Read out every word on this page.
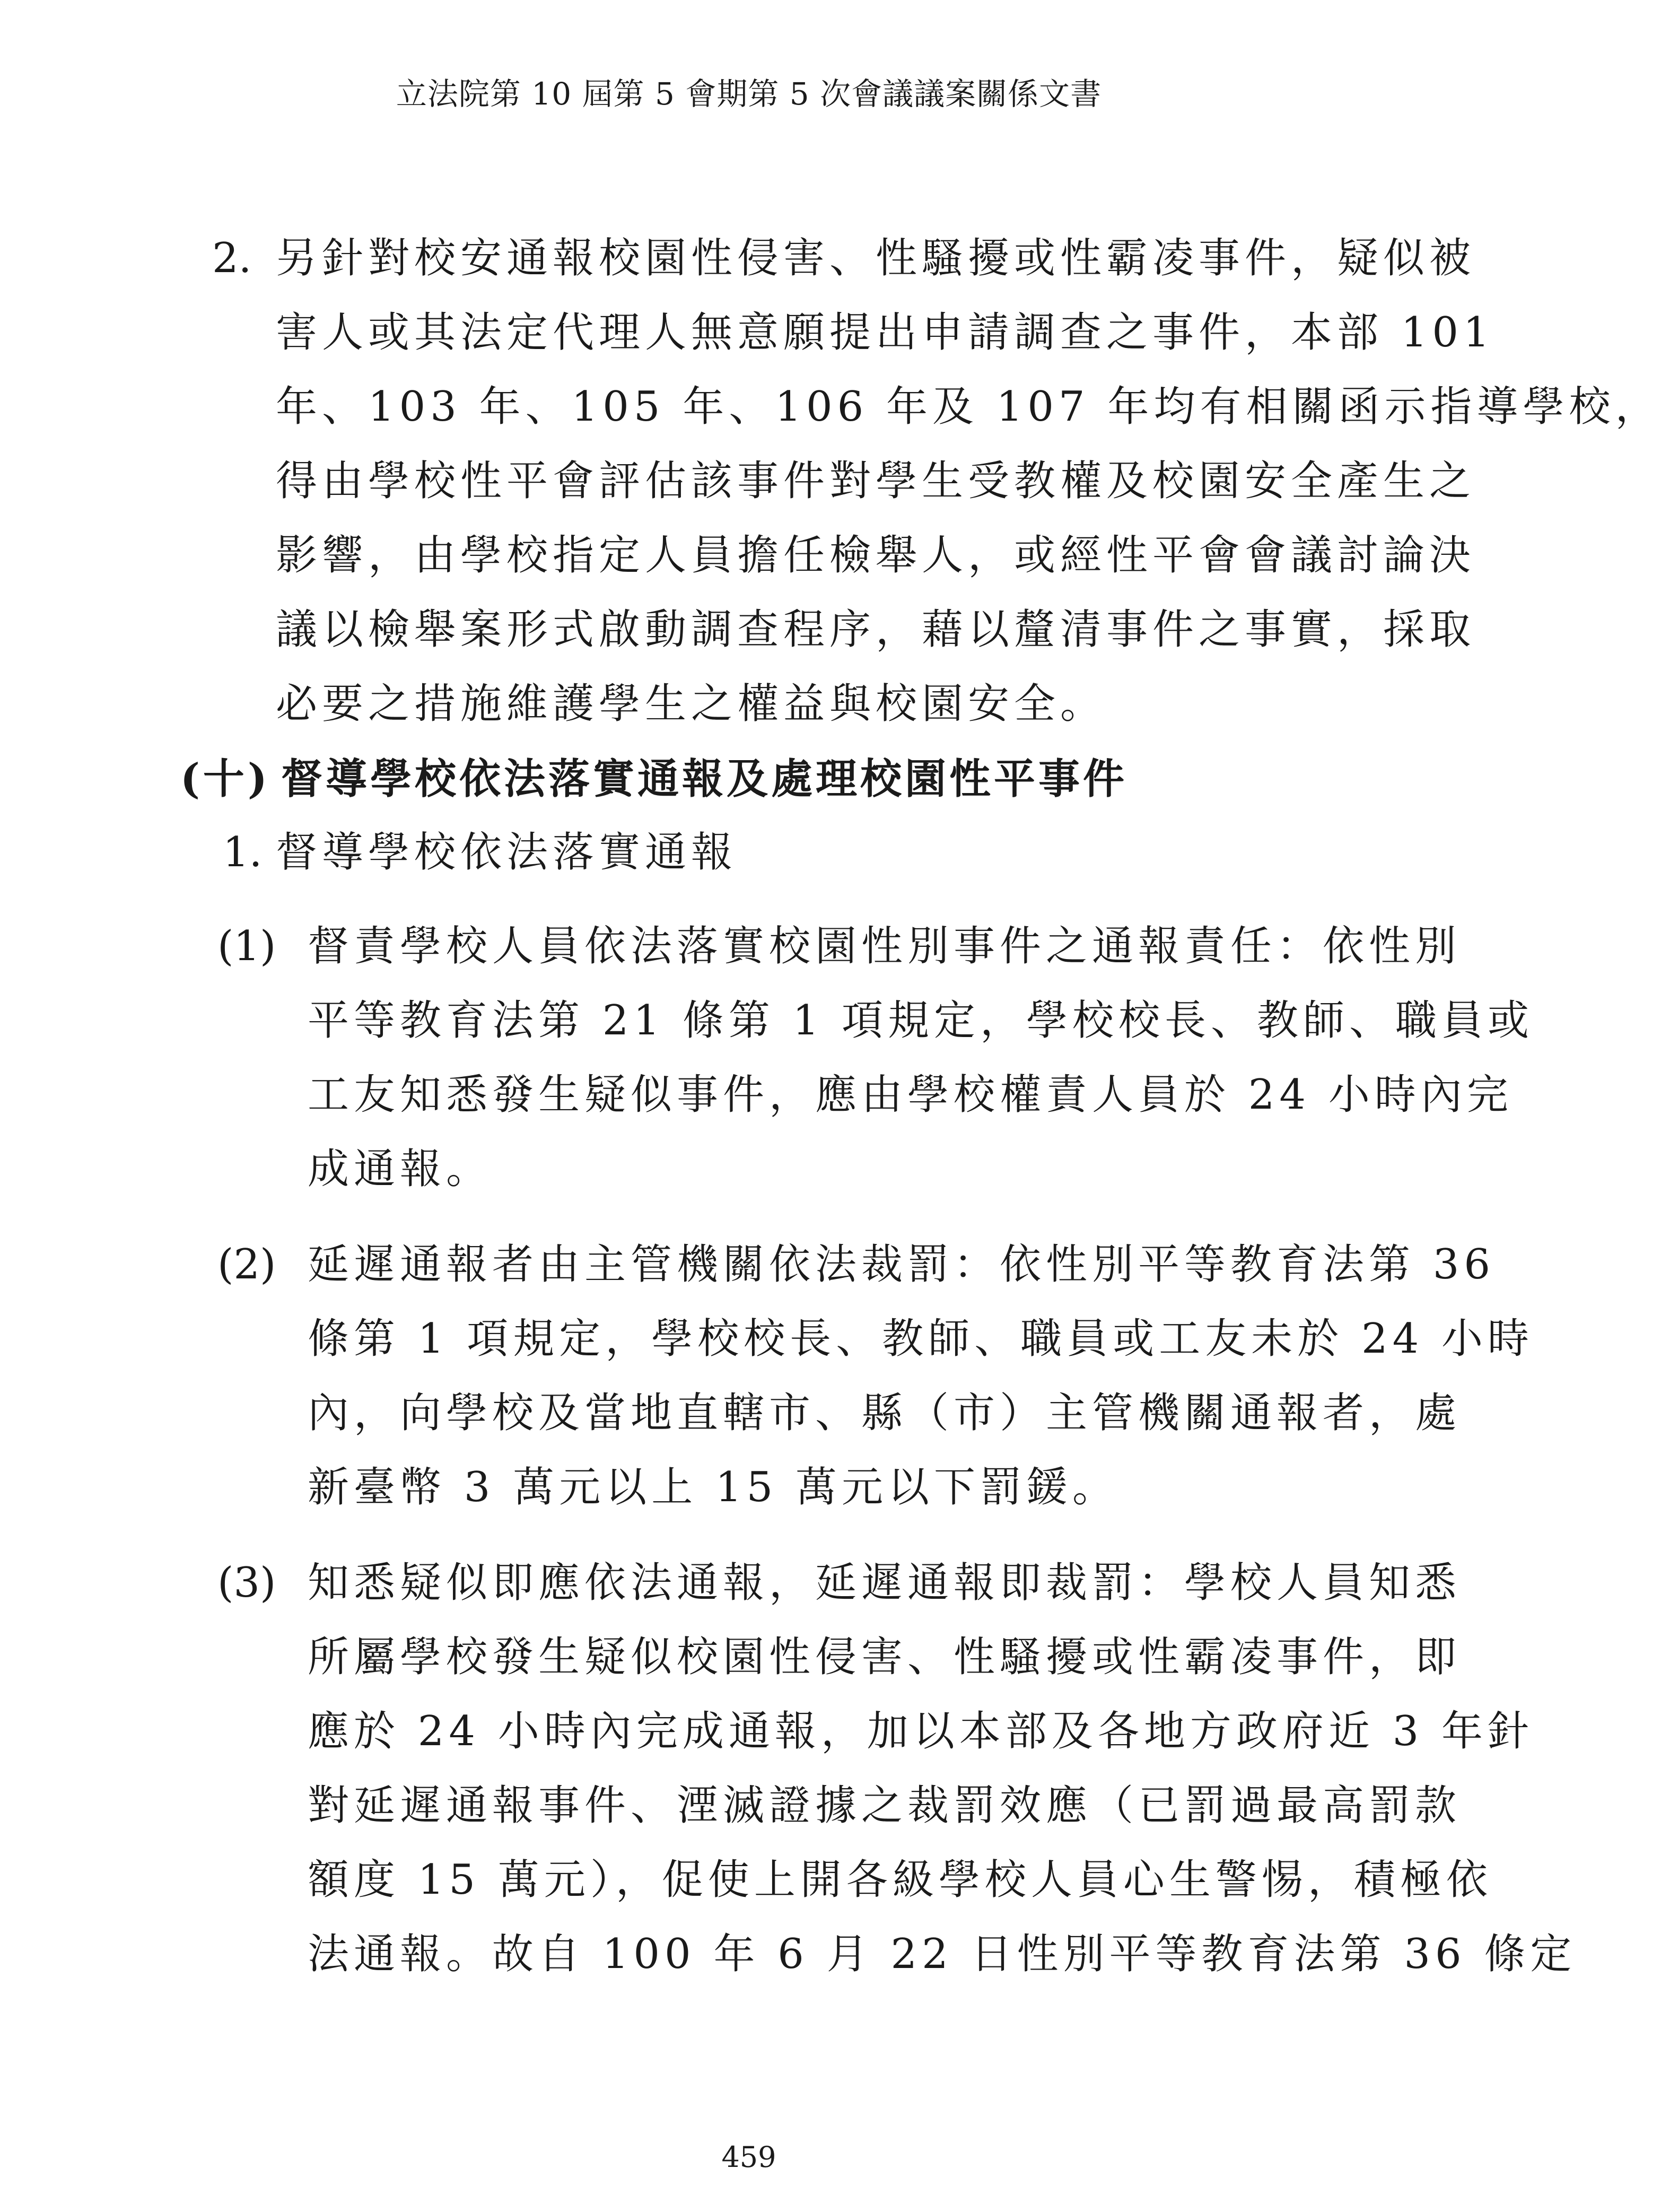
立法院第 10 屆第 5 會期第 5 次會議議案關係文書
2. 另針對校安通報校園性侵害、性騷擾或性霸凌事件，疑似被
害人或其法定代理人無意願提出申請調查之事件，本部 101
年、103 年、105 年、106 年及 107 年均有相關函示指導學校，
得由學校性平會評估該事件對學生受教權及校園安全產生之
影響，由學校指定人員擔任檢舉人，或經性平會會議討論決
議以檢舉案形式啟動調查程序，藉以釐清事件之事實，採取
必要之措施維護學生之權益與校園安全。
(十) 督導學校依法落實通報及處理校園性平事件
1. 督導學校依法落實通報
(1) 督責學校人員依法落實校園性別事件之通報責任：依性別
平等教育法第 21 條第 1 項規定，學校校長、教師、職員或
工友知悉發生疑似事件，應由學校權責人員於 24 小時內完
成通報。
(2) 延遲通報者由主管機關依法裁罰：依性別平等教育法第 36
條第 1 項規定，學校校長、教師、職員或工友未於 24 小時
內，向學校及當地直轄市、縣（市）主管機關通報者，處
新臺幣 3 萬元以上 15 萬元以下罰鍰。
(3) 知悉疑似即應依法通報，延遲通報即裁罰：學校人員知悉
所屬學校發生疑似校園性侵害、性騷擾或性霸凌事件，即
應於 24 小時內完成通報，加以本部及各地方政府近 3 年針
對延遲通報事件、湮滅證據之裁罰效應（已罰過最高罰款
額度 15 萬元），促使上開各級學校人員心生警惕，積極依
法通報。故自 100 年 6 月 22 日性別平等教育法第 36 條定
459
